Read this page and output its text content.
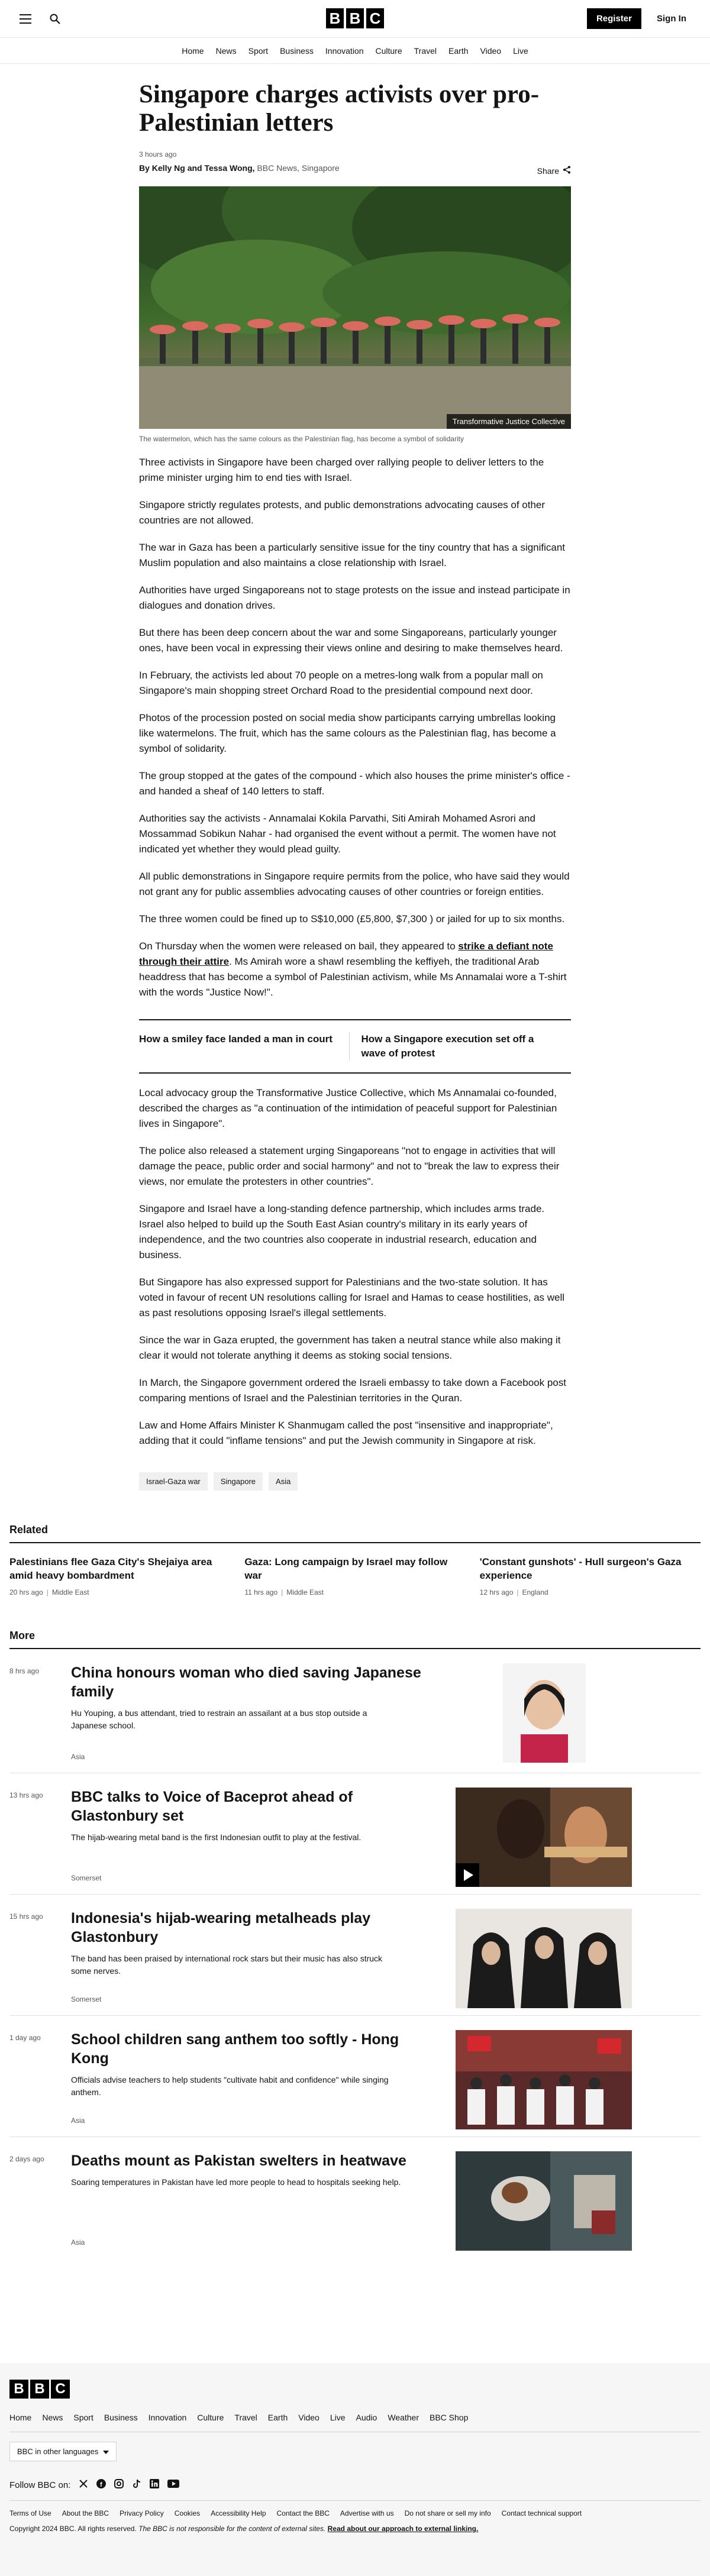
B B C	Register	Sign In
Home News Sport Business Innovation Culture Travel Earth Video Live
Singapore charges activists over pro-Palestinian letters
3 hours ago
By Kelly Ng and Tessa Wong, BBC News, Singapore	Share
Transformative Justice Collective
The watermelon, which has the same colours as the Palestinian flag, has become a symbol of solidarity

Three activists in Singapore have been charged over rallying people to deliver letters to the prime minister urging him to end ties with Israel.

Singapore strictly regulates protests, and public demonstrations advocating causes of other countries are not allowed.

The war in Gaza has been a particularly sensitive issue for the tiny country that has a significant Muslim population and also maintains a close relationship with Israel.

Authorities have urged Singaporeans not to stage protests on the issue and instead participate in dialogues and donation drives.

But there has been deep concern about the war and some Singaporeans, particularly younger ones, have been vocal in expressing their views online and desiring to make themselves heard.

In February, the activists led about 70 people on a metres-long walk from a popular mall on Singapore's main shopping street Orchard Road to the presidential compound next door.

Photos of the procession posted on social media show participants carrying umbrellas looking like watermelons. The fruit, which has the same colours as the Palestinian flag, has become a symbol of solidarity.

The group stopped at the gates of the compound - which also houses the prime minister's office - and handed a sheaf of 140 letters to staff.

Authorities say the activists - Annamalai Kokila Parvathi, Siti Amirah Mohamed Asrori and Mossammad Sobikun Nahar - had organised the event without a permit. The women have not indicated yet whether they would plead guilty.

All public demonstrations in Singapore require permits from the police, who have said they would not grant any for public assemblies advocating causes of other countries or foreign entities.

The three women could be fined up to S$10,000 (£5,800, $7,300 ) or jailed for up to six months.

On Thursday when the women were released on bail, they appeared to strike a defiant note through their attire. Ms Amirah wore a shawl resembling the keffiyeh, the traditional Arab headdress that has become a symbol of Palestinian activism, while Ms Annamalai wore a T-shirt with the words "Justice Now!".

How a smiley face landed a man in court	How a Singapore execution set off a wave of protest

Local advocacy group the Transformative Justice Collective, which Ms Annamalai co-founded, described the charges as "a continuation of the intimidation of peaceful support for Palestinian lives in Singapore".

The police also released a statement urging Singaporeans "not to engage in activities that will damage the peace, public order and social harmony" and not to "break the law to express their views, nor emulate the protesters in other countries".

Singapore and Israel have a long-standing defence partnership, which includes arms trade. Israel also helped to build up the South East Asian country's military in its early years of independence, and the two countries also cooperate in industrial research, education and business.

But Singapore has also expressed support for Palestinians and the two-state solution. It has voted in favour of recent UN resolutions calling for Israel and Hamas to cease hostilities, as well as past resolutions opposing Israel's illegal settlements.

Since the war in Gaza erupted, the government has taken a neutral stance while also making it clear it would not tolerate anything it deems as stoking social tensions.

In March, the Singapore government ordered the Israeli embassy to take down a Facebook post comparing mentions of Israel and the Palestinian territories in the Quran.

Law and Home Affairs Minister K Shanmugam called the post "insensitive and inappropriate", adding that it could "inflame tensions" and put the Jewish community in Singapore at risk.

Israel-Gaza war	Singapore	Asia
Related
Palestinians flee Gaza City's Shejaiya area amid heavy bombardment
20 hrs ago | Middle East
Gaza: Long campaign by Israel may follow war
11 hrs ago | Middle East
'Constant gunshots' - Hull surgeon's Gaza experience
12 hrs ago | England
More
8 hrs ago	China honours woman who died saving Japanese family
Hu Youping, a bus attendant, tried to restrain an assailant at a bus stop outside a Japanese school.
Asia
13 hrs ago	BBC talks to Voice of Baceprot ahead of Glastonbury set
The hijab-wearing metal band is the first Indonesian outfit to play at the festival.
Somerset
15 hrs ago	Indonesia's hijab-wearing metalheads play Glastonbury
The band has been praised by international rock stars but their music has also struck some nerves.
Somerset
1 day ago	School children sang anthem too softly - Hong Kong
Officials advise teachers to help students "cultivate habit and confidence" while singing anthem.
Asia
2 days ago	Deaths mount as Pakistan swelters in heatwave
Soaring temperatures in Pakistan have led more people to head to hospitals seeking help.
Asia
B B C
Home News Sport Business Innovation Culture Travel Earth Video Live Audio Weather BBC Shop
BBC in other languages
Follow BBC on:	f
Terms of Use About the BBC Privacy Policy Cookies Accessibility Help Contact the BBC Advertise with us Do not share or sell my info Contact technical support
Copyright 2024 BBC. All rights reserved. The BBC is not responsible for the content of external sites. Read about our approach to external linking.
